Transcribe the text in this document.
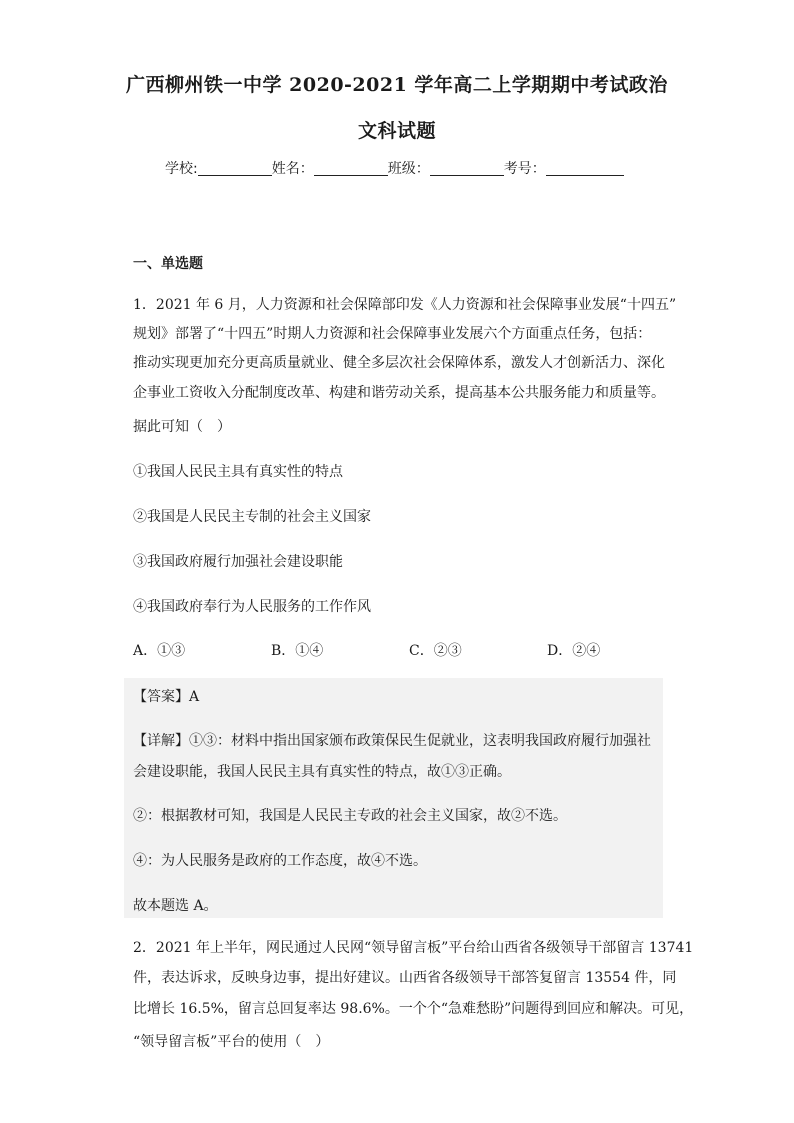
广西柳州铁一中学 2020-2021 学年高二上学期期中考试政治
文科试题
学校:	姓名：	班级：	考号：
一、单选题
1．2021 年 6 月，人力资源和社会保障部印发《人力资源和社会保障事业发展“十四五”
规划》部署了“十四五”时期人力资源和社会保障事业发展六个方面重点任务，包括：
推动实现更加充分更高质量就业、健全多层次社会保障体系，激发人才创新活力、深化
企事业工资收入分配制度改革、构建和谐劳动关系，提高基本公共服务能力和质量等。
据此可知（　）
①我国人民民主具有真实性的特点
②我国是人民民主专制的社会主义国家
③我国政府履行加强社会建设职能
④我国政府奉行为人民服务的工作作风
A．①③	B．①④	C．②③	D．②④
【答案】A
【详解】①③：材料中指出国家颁布政策保民生促就业，这表明我国政府履行加强社
会建设职能，我国人民民主具有真实性的特点，故①③正确。
②：根据教材可知，我国是人民民主专政的社会主义国家，故②不选。
④：为人民服务是政府的工作态度，故④不选。
故本题选 A。
2．2021 年上半年，网民通过人民网“领导留言板”平台给山西省各级领导干部留言 13741
件，表达诉求，反映身边事，提出好建议。山西省各级领导干部答复留言 13554 件，同
比增长 16.5%，留言总回复率达 98.6%。一个个“急难愁盼”问题得到回应和解决。可见，
“领导留言板”平台的使用（　）
